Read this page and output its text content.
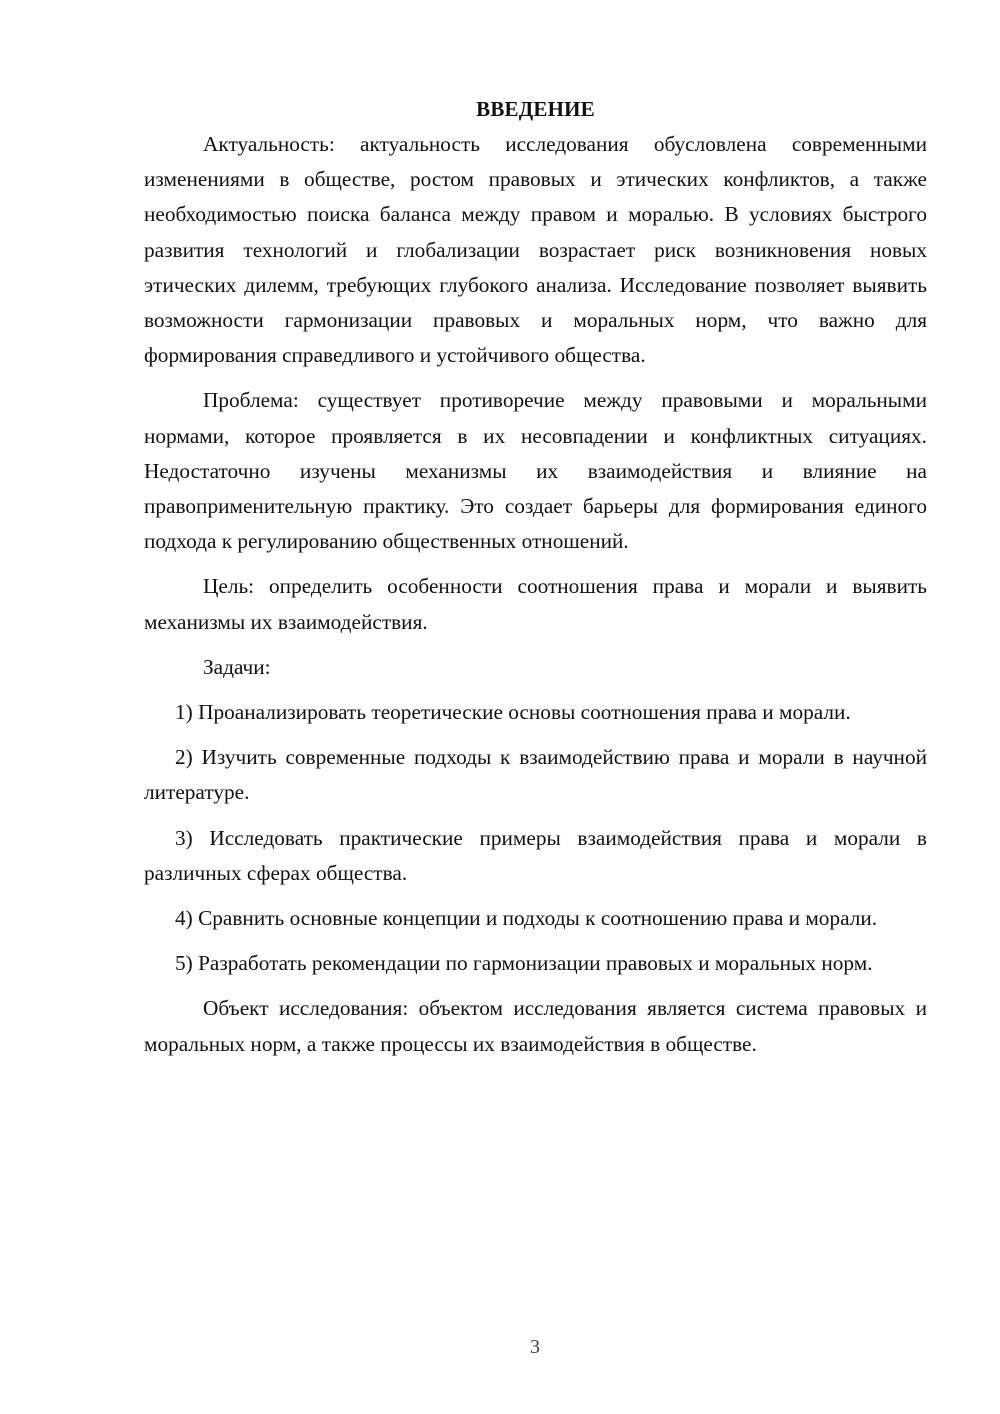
ВВЕДЕНИЕ

Актуальность: актуальность исследования обусловлена современными изменениями в обществе, ростом правовых и этических конфликтов, а также необходимостью поиска баланса между правом и моралью. В условиях быстрого развития технологий и глобализации возрастает риск возникновения новых этических дилемм, требующих глубокого анализа. Исследование позволяет выявить возможности гармонизации правовых и моральных норм, что важно для формирования справедливого и устойчивого общества.

Проблема: существует противоречие между правовыми и моральными нормами, которое проявляется в их несовпадении и конфликтных ситуациях. Недостаточно изучены механизмы их взаимодействия и влияние на правоприменительную практику. Это создает барьеры для формирования единого подхода к регулированию общественных отношений.

Цель: определить особенности соотношения права и морали и выявить механизмы их взаимодействия.

Задачи:

1) Проанализировать теоретические основы соотношения права и морали.

2) Изучить современные подходы к взаимодействию права и морали в научной литературе.

3) Исследовать практические примеры взаимодействия права и морали в различных сферах общества.

4) Сравнить основные концепции и подходы к соотношению права и морали.

5) Разработать рекомендации по гармонизации правовых и моральных норм.

Объект исследования: объектом исследования является система правовых и моральных норм, а также процессы их взаимодействия в обществе.

3
